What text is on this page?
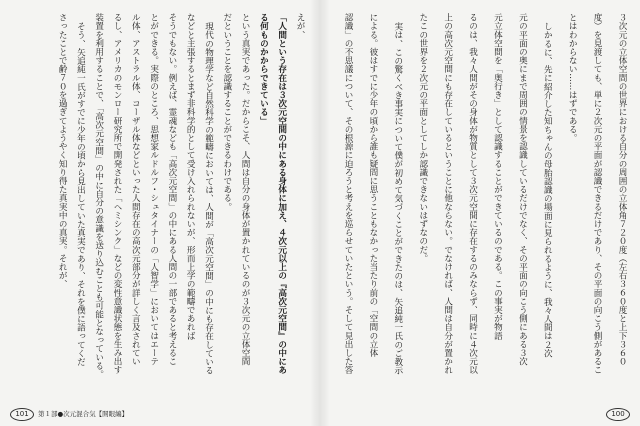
３次元の立体空間の世界における自分の周囲の立体角７２０度（左右３６０度と上下３６０
度）を見渡しても、単に２次元の平面が認識できるだけであり、その平面の向こう側があるこ
とはわからない……はずである。
しかるに、先に紹介した知ちゃんの母胎認識の場面に見られるように、我々人間は２次
元の平面の奥にまで周囲の情景を認識しているだけでなく、その平面の向こう側にある３次
元立体空間を「奥行き」として認識することができているのである。この事実が物語
るのは、我々人間がその身体が物質として３次元空間に存在するのみならず、同時に４次元以
上の高次元空間にも存在しているということに他ならない。でなければ、人間は自分が置かれ
たこの世界を２次元の平面としてしか認識できないはずなのだ。
実は、この驚くべき事実について僕が初めて気づくことができたのは、矢追純一氏のご教示
による。彼はすでに少年の頃から誰も疑問に思うこともなかった当たり前の「空間の立体
認識」の不思議について、その根源に迫ろうと考えを巡らせていたという。そして見出した答
えが、
「人間という存在は３次元空間の中にある身体に加え、４次元以上の『高次元空間』の中にあ
る何ものかからできている」
という真実であった。だからこそ、人間は自分の身体が置かれているのが３次元の立体空間
だということを認識することができるわけである。
現代の物理学など自然科学の範疇においては、人間が「高次元空間」の中にも存在している
などと主張するとまず非科学的として受け入れられないが、形而上学の範疇であれば
そうでもない。例えば、霊魂なども「高次元空間」の中にある人間の一部であると考えるこ
とができる。実際のところ、思想家ルドルフ・シュタイナーの「人智学」においてはエーテ
ル体、アストラル体、コーザル体などといった人間存在の高次元部分が詳しく言及されてい
るし、アメリカのモンロー研究所で開発された「ヘミシンク」などの変性意識状態を生み出す
装置を利用することで、「高次元空間」の中に自分の意識を送り込むことも可能となっている。
そう、矢追純一氏がすでに少年の頃から見出していた真実であり、それを僕に語ってくだ
さったことで齢７０を過ぎてようやく知り得た真実中の真実。それが、
101	第１部●次元混合気【開眼編】	100
